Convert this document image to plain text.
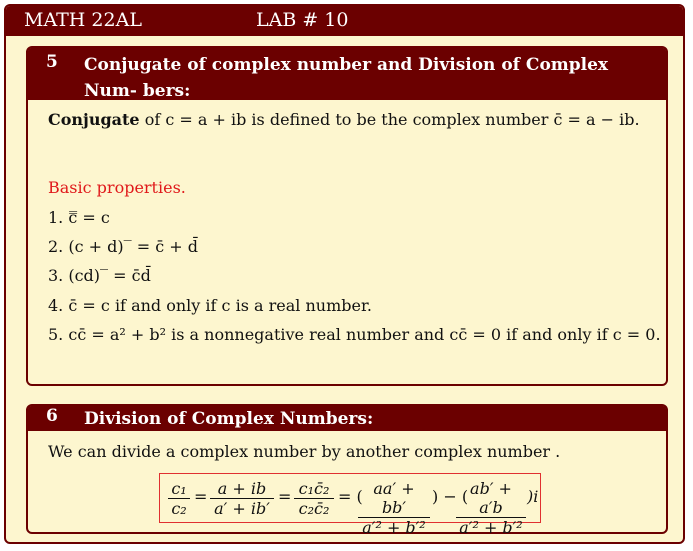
MATH 22AL	LAB # 10
5 Conjugate of complex number and Division of Complex Num- bers:
Conjugate of c = a + ib is defined to be the complex number c̄ = a − ib.
Basic properties.
1. c̿ = c
2. (c + d)‾ = c̄ + d̄
3. (cd)‾ = c̄d̄
4. c̄ = c if and only if c is a real number.
5. cc̄ = a² + b² is a nonnegative real number and cc̄ = 0 if and only if c = 0.
6 Division of Complex Numbers:
We can divide a complex number by another complex number .
$\frac{\text{c₁}}{\text{c₂}} = \frac{a + ib}{a' + ib'} = \frac{\text{c₁c̄₂}}{\text{c₂c̄₂}}$ = (
$\frac{aa' + bb'}{\text{a′² + b′²}}$ ) − (
$\frac{ab' + a'b}{\text{a′² + b′²}} )i$
